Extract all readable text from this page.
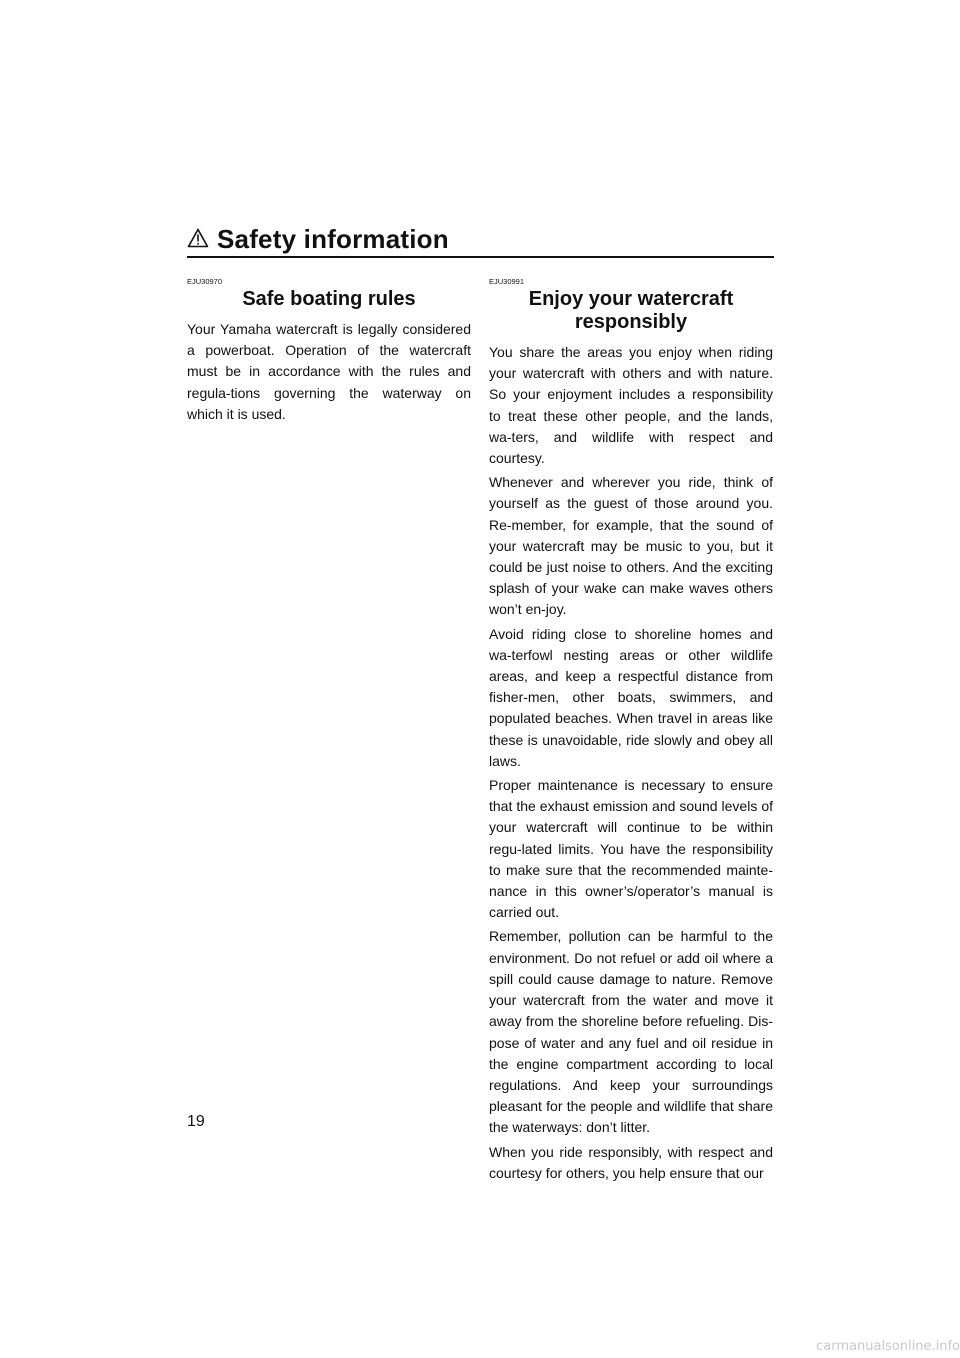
Safety information
19
EJU30970
Safe boating rules

Your Yamaha watercraft is legally considered a powerboat. Operation of the watercraft must be in accordance with the rules and regula-tions governing the waterway on which it is used.

EJU30991
Enjoy your watercraft responsibly

You share the areas you enjoy when riding your watercraft with others and with nature. So your enjoyment includes a responsibility to treat these other people, and the lands, wa-ters, and wildlife with respect and courtesy.

Whenever and wherever you ride, think of yourself as the guest of those around you. Re-member, for example, that the sound of your watercraft may be music to you, but it could be just noise to others. And the exciting splash of your wake can make waves others won’t en-joy.

Avoid riding close to shoreline homes and wa-terfowl nesting areas or other wildlife areas, and keep a respectful distance from fisher-men, other boats, swimmers, and populated beaches. When travel in areas like these is unavoidable, ride slowly and obey all laws.

Proper maintenance is necessary to ensure that the exhaust emission and sound levels of your watercraft will continue to be within regu-lated limits. You have the responsibility to make sure that the recommended mainte-nance in this owner’s/operator’s manual is carried out.

Remember, pollution can be harmful to the environment. Do not refuel or add oil where a spill could cause damage to nature. Remove your watercraft from the water and move it away from the shoreline before refueling. Dis-pose of water and any fuel and oil residue in the engine compartment according to local regulations. And keep your surroundings pleasant for the people and wildlife that share the waterways: don’t litter.

When you ride responsibly, with respect and courtesy for others, you help ensure that our

carmanualsonline.info
